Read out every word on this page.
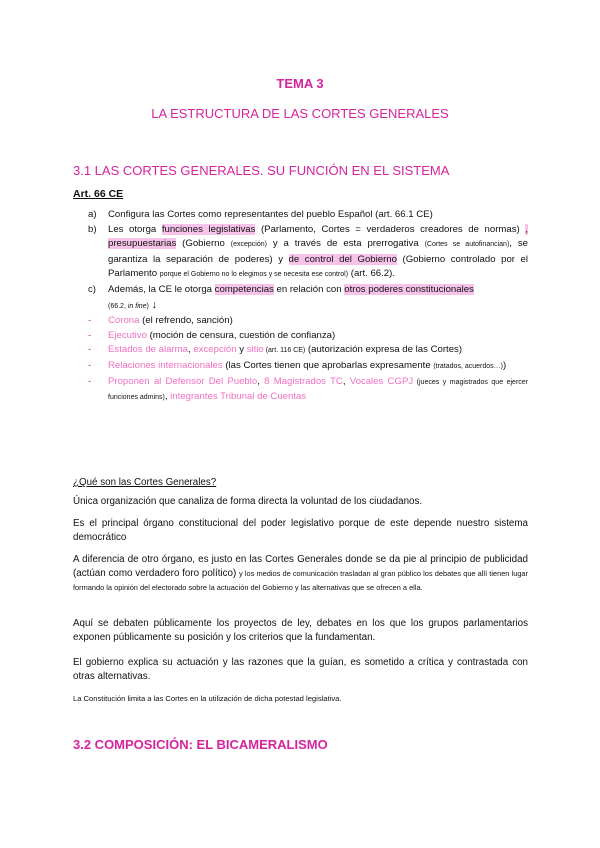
TEMA 3
LA ESTRUCTURA DE LAS CORTES GENERALES
3.1 LAS CORTES GENERALES. SU FUNCIÓN EN EL SISTEMA
Art. 66 CE
a) Configura las Cortes como representantes del pueblo Español (art. 66.1 CE)
b) Les otorga funciones legislativas (Parlamento, Cortes = verdaderos creadores de normas) , presupuestarias (Gobierno (excepción) y a través de esta prerrogativa (Cortes se autofinancian), se garantiza la separación de poderes) y de control del Gobierno (Gobierno controlado por el Parlamento porque el Gobierno no lo elegimos y se necesita ese control) (art. 66.2).
c) Además, la CE le otorga competencias en relación con otros poderes constitucionales
(66.2, in fine) ↓
- Corona (el refrendo, sanción)
- Ejecutivo (moción de censura, cuestión de confianza)
- Estados de alarma, excepción y sitio (art. 116 CE) (autorización expresa de las Cortes)
- Relaciones internacionales (las Cortes tienen que aprobarlas expresamente (tratados, acuerdos…))
- Proponen al Defensor Del Pueblo, 8 Magistrados TC, Vocales CGPJ (jueces y magistrados que ejercer funciones admins), integrantes Tribunal de Cuentas
¿Qué son las Cortes Generales?
Única organización que canaliza de forma directa la voluntad de los ciudadanos.
Es el principal órgano constitucional del poder legislativo porque de este depende nuestro sistema democrático
A diferencia de otro órgano, es justo en las Cortes Generales donde se da pie al principio de publicidad (actúan como verdadero foro político) y los medios de comunicación trasladan al gran público los debates que allí tienen lugar formando la opinión del electorado sobre la actuación del Gobierno y las alternativas que se ofrecen a ella.
Aquí se debaten públicamente los proyectos de ley, debates en los que los grupos parlamentarios exponen públicamente su posición y los criterios que la fundamentan.
El gobierno explica su actuación y las razones que la guían, es sometido a crítica y contrastada con otras alternativas.
La Constitución limita a las Cortes en la utilización de dicha potestad legislativa.
3.2 COMPOSICIÓN: EL BICAMERALISMO
